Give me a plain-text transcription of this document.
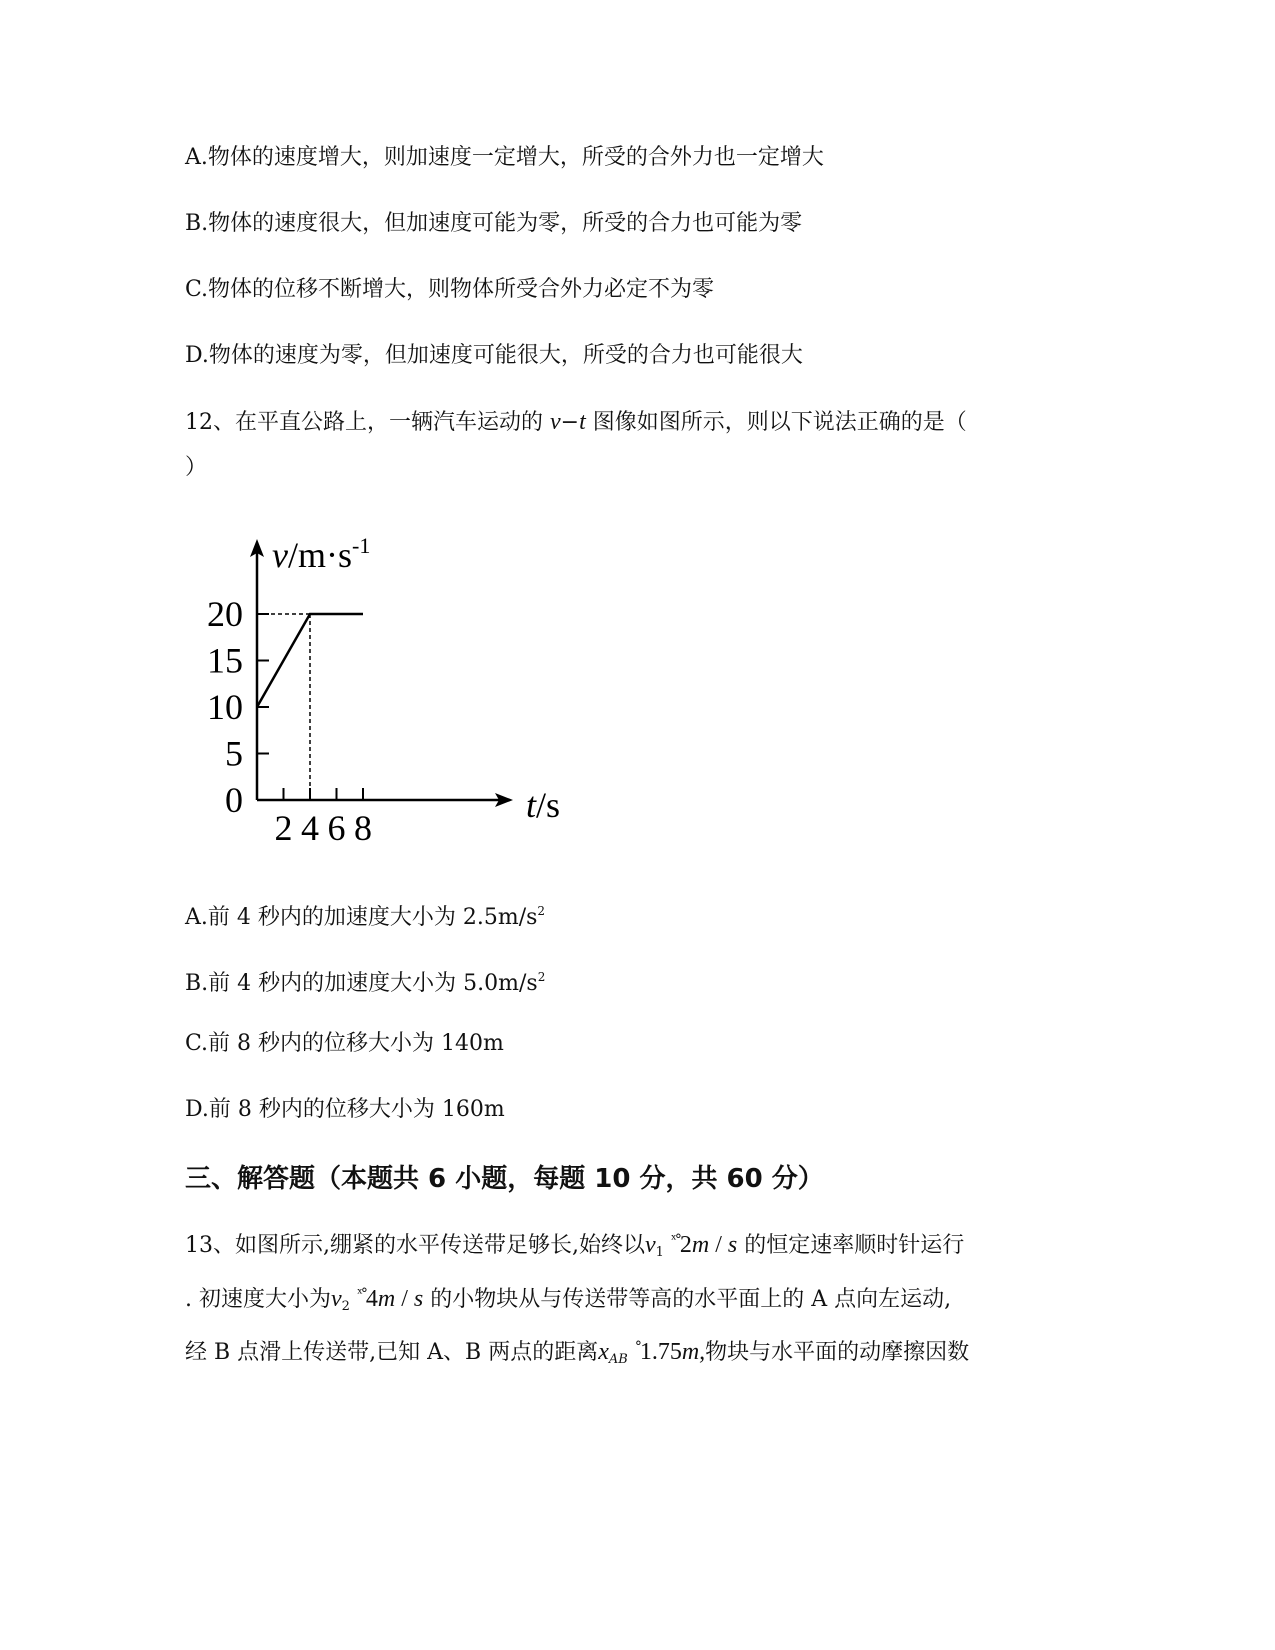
A.物体的速度增大，则加速度一定增大，所受的合外力也一定增大
B.物体的速度很大，但加速度可能为零，所受的合力也可能为零
C.物体的位移不断增大，则物体所受合外力必定不为零
D.物体的速度为零，但加速度可能很大，所受的合力也可能很大
12、在平直公路上，一辆汽车运动的 v−t 图像如图所示，则以下说法正确的是（
）
0
5
10
15
20
2 4 6 8
$v/m\cdot s^{-1}$
t/s
A.前 4 秒内的加速度大小为 $2.5m/s^2$
B.前 4 秒内的加速度大小为 $5.0m/s^2$
C.前 8 秒内的位移大小为 140m
D.前 8 秒内的位移大小为 160m
三、解答题（本题共 6 小题，每题 10 分，共 60 分）
13、如图所示,绷紧的水平传送带足够长,始终以$v_1$ $^{ˣ^\circ}$2m / s 的恒定速率顺时针运行
. 初速度大小为$v_2$ $^{ˣ^\circ}$4m / s 的小物块从与传送带等高的水平面上的 A 点向左运动,
经 B 点滑上传送带,已知 A、B 两点的距离$x_{AB}$ °1.75m,物块与水平面的动摩擦因数
